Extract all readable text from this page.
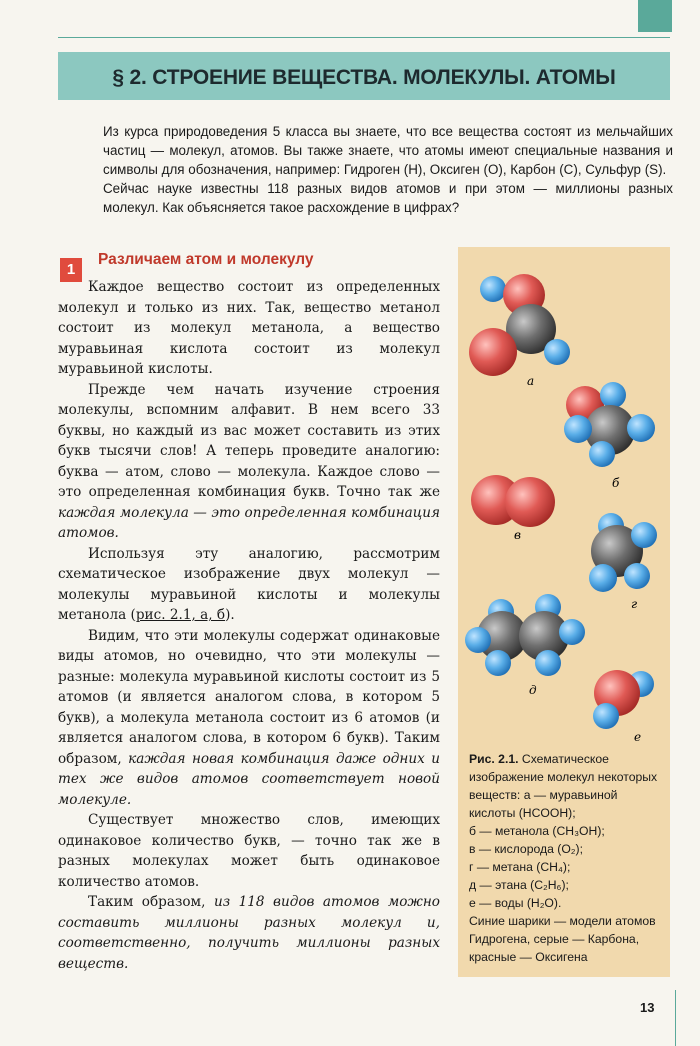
§ 2. СТРОЕНИЕ ВЕЩЕСТВА. МОЛЕКУЛЫ. АТОМЫ

Из курса природоведения 5 класса вы знаете, что все вещества состоят из мельчайших частиц — молекул, атомов. Вы также знаете, что атомы имеют специальные названия и символы для обозначения, например: Гидроген (H), Оксиген (O), Карбон (C), Сульфур (S).

Сейчас науке известны 118 разных видов атомов и при этом — миллионы разных молекул. Как объясняется такое расхождение в цифрах?

1
Различаем атом и молекулу

Каждое вещество состоит из определенных молекул и только из них. Так, вещество метанол состоит из молекул метанола, а вещество муравьиная кислота состоит из молекул муравьиной кислоты.

Прежде чем начать изучение строения молекулы, вспомним алфавит. В нем всего 33 буквы, но каждый из вас может составить из этих букв тысячи слов! А теперь проведите аналогию: буква — атом, слово — молекула. Каждое слово — это определенная комбинация букв. Точно так же каждая молекула — это определенная комбинация атомов.

Используя эту аналогию, рассмотрим схематическое изображение двух молекул — молекулы муравьиной кислоты и молекулы метанола (рис. 2.1, а, б).

Видим, что эти молекулы содержат одинаковые виды атомов, но очевидно, что эти молекулы — разные: молекула муравьиной кислоты состоит из 5 атомов (и является аналогом слова, в котором 5 букв), а молекула метанола состоит из 6 атомов (и является аналогом слова, в котором 6 букв). Таким образом, каждая новая комбинация даже одних и тех же видов атомов соответствует новой молекуле.

Существует множество слов, имеющих одинаковое количество букв, — точно так же в разных молекулах может быть одинаковое количество атомов.

Таким образом, из 118 видов атомов можно составить миллионы разных молекул и, соответственно, получить миллионы разных веществ.

а
б
в
г
д
е
Рис. 2.1. Схематическое изображение молекул некоторых веществ: а — муравьиной кислоты (HCOOH);
б — метанола (CH₃OH);
в — кислорода (O₂);
г — метана (CH₄);
д — этана (C₂H₆);
е — воды (H₂O).
Синие шарики — модели атомов Гидрогена, серые — Карбона, красные — Оксигена
13
